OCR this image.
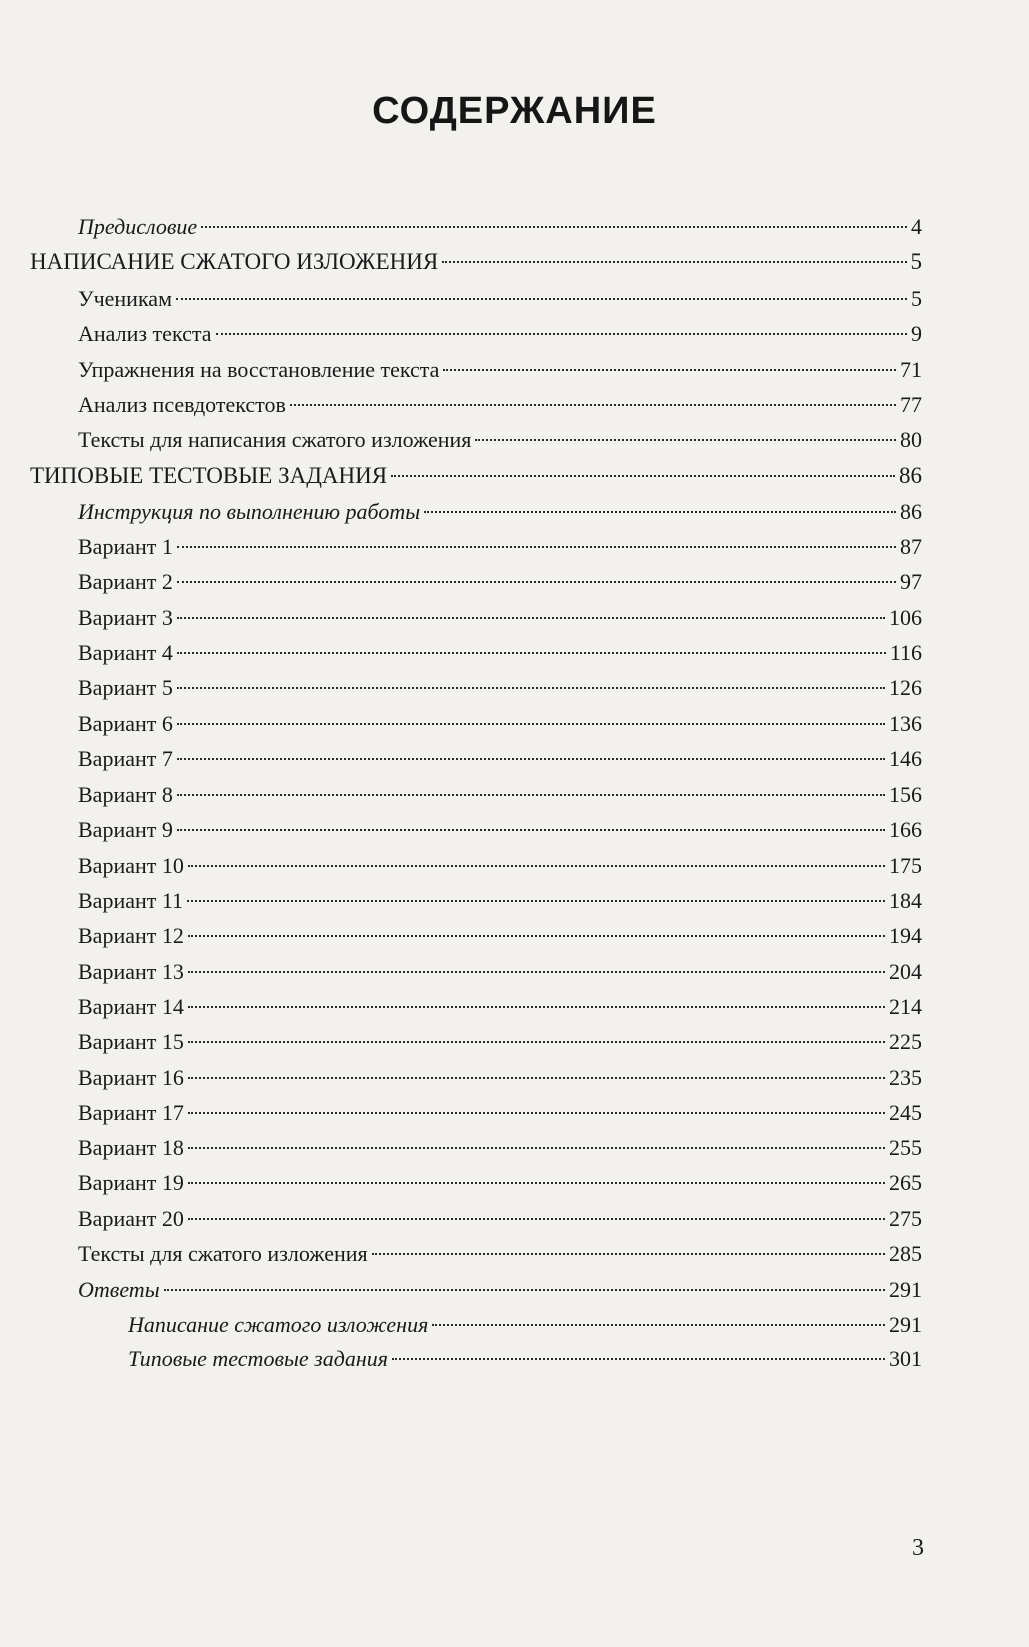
СОДЕРЖАНИЕ
Предисловие	4
НАПИСАНИЕ СЖАТОГО ИЗЛОЖЕНИЯ	5
Ученикам	5
Анализ текста	9
Упражнения на восстановление текста	71
Анализ псевдотекстов	77
Тексты для написания сжатого изложения	80
ТИПОВЫЕ ТЕСТОВЫЕ ЗАДАНИЯ	86
Инструкция по выполнению работы	86
Вариант 1	87
Вариант 2	97
Вариант 3	106
Вариант 4	116
Вариант 5	126
Вариант 6	136
Вариант 7	146
Вариант 8	156
Вариант 9	166
Вариант 10	175
Вариант 11	184
Вариант 12	194
Вариант 13	204
Вариант 14	214
Вариант 15	225
Вариант 16	235
Вариант 17	245
Вариант 18	255
Вариант 19	265
Вариант 20	275
Тексты для сжатого изложения	285
Ответы	291
Написание сжатого изложения	291
Типовые тестовые задания	301
3
